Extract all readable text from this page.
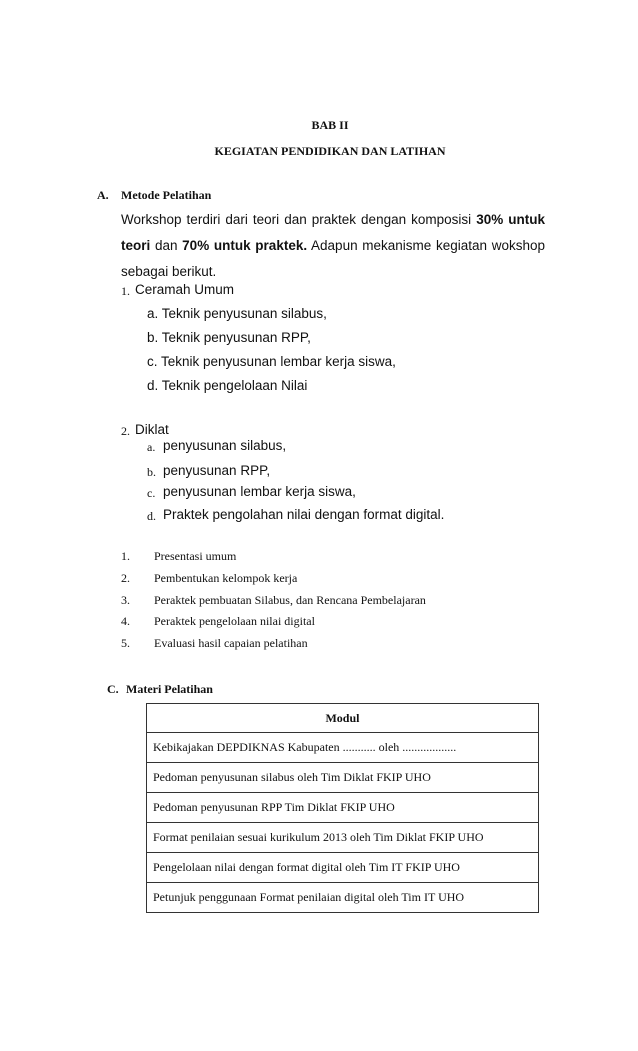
BAB II
KEGIATAN PENDIDIKAN DAN LATIHAN
A. Metode Pelatihan
Workshop terdiri dari teori dan praktek dengan komposisi 30% untuk teori dan 70% untuk praktek. Adapun mekanisme kegiatan wokshop sebagai berikut.
1. Ceramah Umum
a. Teknik penyusunan silabus,
b. Teknik penyusunan RPP,
c. Teknik penyusunan lembar kerja siswa,
d. Teknik pengelolaan Nilai
2. Diklat
a. penyusunan silabus,
b. penyusunan RPP,
c. penyusunan lembar kerja siswa,
d. Praktek pengolahan nilai dengan format digital.
1. Presentasi umum
2. Pembentukan kelompok kerja
3. Peraktek pembuatan Silabus, dan Rencana Pembelajaran
4. Peraktek pengelolaan nilai digital
5. Evaluasi hasil capaian pelatihan
C. Materi Pelatihan
Modul
Kebikajakan DEPDIKNAS Kabupaten ........... oleh ..................
Pedoman penyusunan silabus oleh Tim Diklat FKIP UHO
Pedoman penyusunan RPP Tim Diklat FKIP UHO
Format penilaian sesuai kurikulum 2013 oleh Tim Diklat FKIP UHO
Pengelolaan nilai dengan format digital oleh Tim IT FKIP UHO
Petunjuk penggunaan Format penilaian digital oleh Tim IT UHO
